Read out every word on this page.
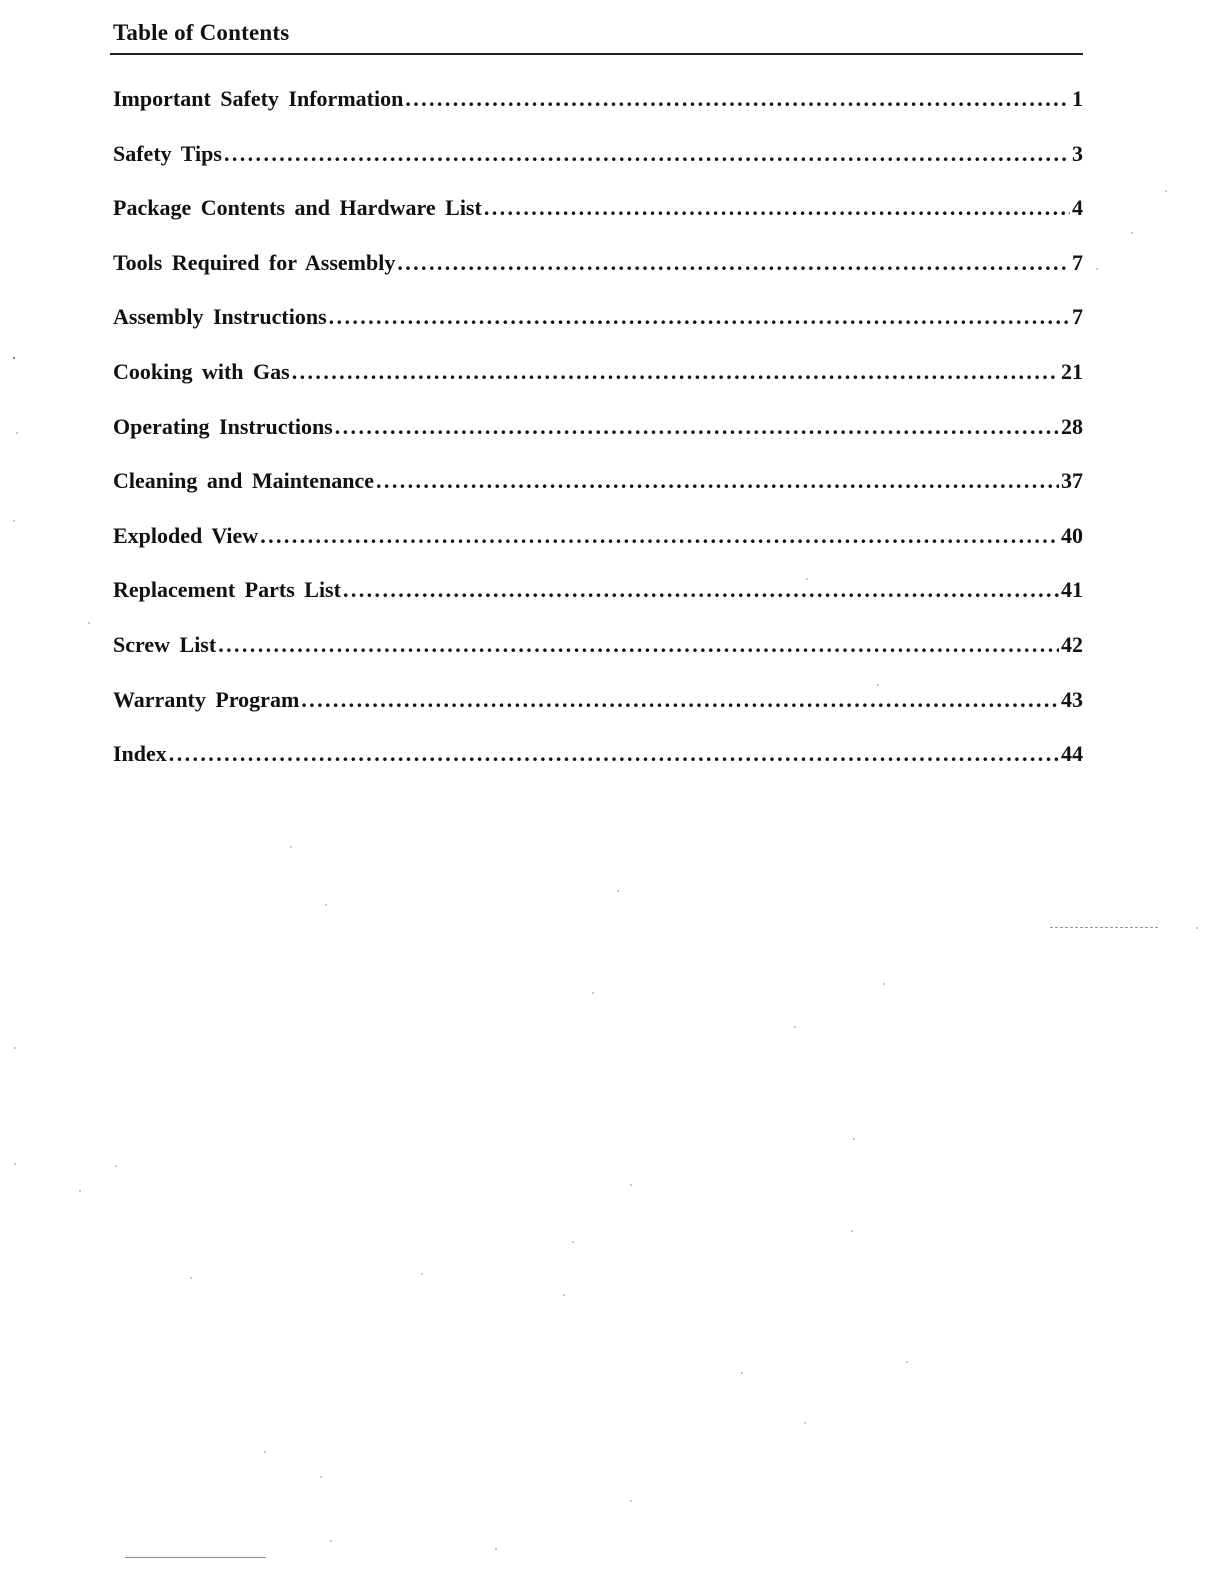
Table of Contents
Important Safety Information .....	1
Safety Tips .....	3
Package Contents and Hardware List .....	4
Tools Required for Assembly .....	7
Assembly Instructions .....	7
Cooking with Gas .....	21
Operating Instructions .....	28
Cleaning and Maintenance .....	37
Exploded View .....	40
Replacement Parts List .....	41
Screw List .....	42
Warranty Program .....	43
Index .....	44
